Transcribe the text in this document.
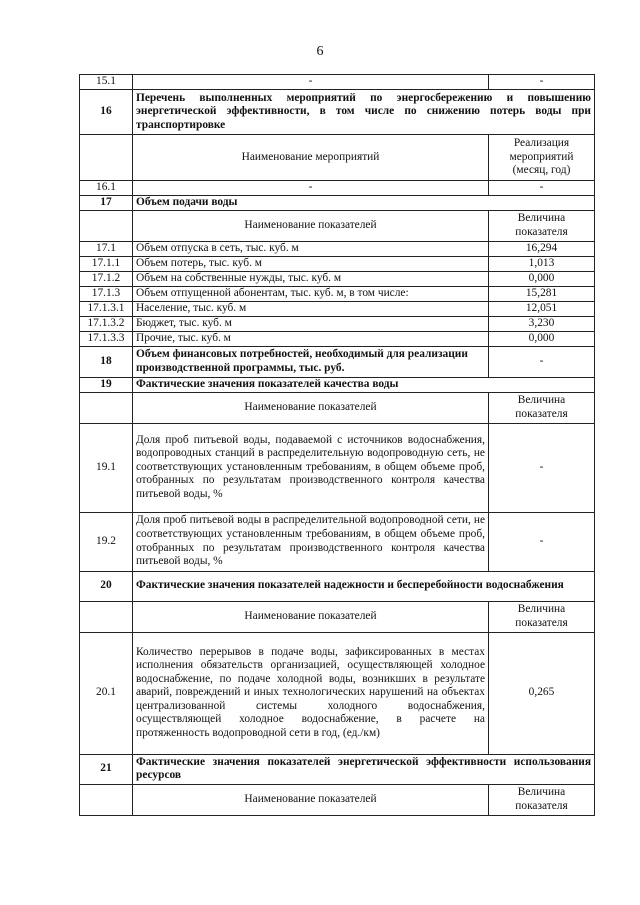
6
15.1	-	-
16	Перечень выполненных мероприятий по энергосбережению и повышению энергетической эффективности, в том числе по снижению потерь воды при транспортировке	
	Наименование мероприятий	Реализация мероприятий (месяц, год)
16.1	-	-
17	Объем подачи воды	
	Наименование показателей	Величина показателя
17.1	Объем отпуска в сеть, тыс. куб. м	16,294
17.1.1	Объем потерь, тыс. куб. м	1,013
17.1.2	Объем на собственные нужды, тыс. куб. м	0,000
17.1.3	Объем отпущенной абонентам, тыс. куб. м, в том числе:	15,281
17.1.3.1	Население, тыс. куб. м	12,051
17.1.3.2	Бюджет, тыс. куб. м	3,230
17.1.3.3	Прочие, тыс. куб. м	0,000
18	Объем финансовых потребностей, необходимый для реализации производственной программы, тыс. руб.	-
19	Фактические значения показателей качества воды	
	Наименование показателей	Величина показателя
19.1	Доля проб питьевой воды, подаваемой с источников водоснабжения, водопроводных станций в распределительную водопроводную сеть, не соответствующих установленным требованиям, в общем объеме проб, отобранных по результатам производственного контроля качества питьевой воды, %	-
19.2	Доля проб питьевой воды в распределительной водопроводной сети, не соответствующих установленным требованиям, в общем объеме проб, отобранных по результатам производственного контроля качества питьевой воды, %	-
20	Фактические значения показателей надежности и бесперебойности водоснабжения	
	Наименование показателей	Величина показателя
20.1	Количество перерывов в подаче воды, зафиксированных в местах исполнения обязательств организацией, осуществляющей холодное водоснабжение, по подаче холодной воды, возникших в результате аварий, повреждений и иных технологических нарушений на объектах централизованной системы холодного водоснабжения, осуществляющей холодное водоснабжение, в расчете на протяженность водопроводной сети в год, (ед./км)	0,265
21	Фактические значения показателей энергетической эффективности использования ресурсов	
	Наименование показателей	Величина показателя
